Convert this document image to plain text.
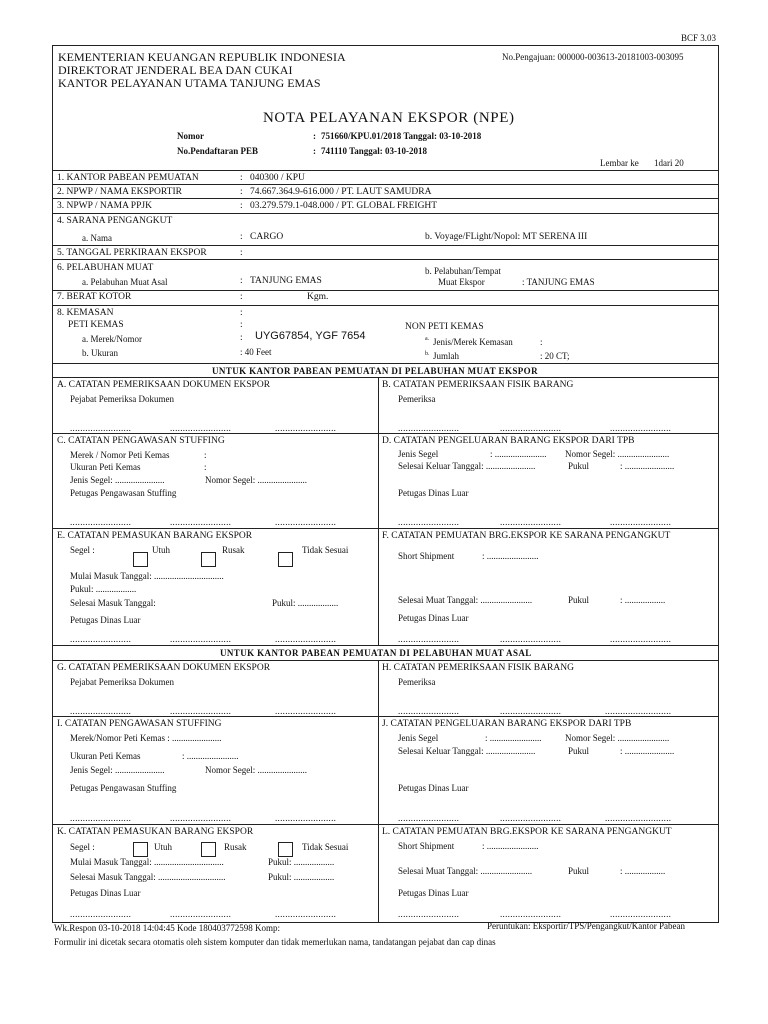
BCF 3.03
KEMENTERIAN KEUANGAN REPUBLIK INDONESIA
DIREKTORAT JENDERAL BEA DAN CUKAI
KANTOR PELAYANAN UTAMA TANJUNG EMAS
No.Pengajuan: 000000-003613-20181003-003095
NOTA PELAYANAN EKSPOR (NPE)
Nomor	: 751660/KPU.01/2018 Tanggal: 03-10-2018
No.Pendaftaran PEB	: 741110 Tanggal: 03-10-2018
Lembar ke 1dari 20
1. KANTOR PABEAN PEMUATAN	: 040300 / KPU
2. NPWP / NAMA EKSPORTIR	: 74.667.364.9-616.000 / PT. LAUT SAMUDRA
3. NPWP / NAMA PPJK	: 03.279.579.1-048.000 / PT. GLOBAL FREIGHT
4. SARANA PENGANGKUT
a. Nama	: CARGO	b. Voyage/FLight/Nopol: MT SERENA III
5. TANGGAL PERKIRAAN EKSPOR	:
6. PELABUHAN MUAT	b. Pelabuhan/Tempat
a. Pelabuhan Muat Asal	: TANJUNG EMAS	Muat Ekspor	: TANJUNG EMAS
7. BERAT KOTOR	:	Kgm.
8. KEMASAN	:
PETI KEMAS	:	NON PETI KEMAS
a. Merek/Nomor	: UYG67854, YGF 7654	a. Jenis/Merek Kemasan	:
b. Ukuran	: 40 Feet	b. Jumlah	: 20 CT;
UNTUK KANTOR PABEAN PEMUATAN DI PELABUHAN MUAT EKSPOR
A. CATATAN PEMERIKSAAN DOKUMEN EKSPOR
Pejabat Pemeriksa Dokumen
........................	........................	........................
B. CATATAN PEMERIKSAAN FISIK BARANG
Pemeriksa
........................	........................	........................
C. CATATAN PENGAWASAN STUFFING
Merek / Nomor Peti Kemas	:
Ukuran Peti Kemas	:
Jenis Segel: ......................	Nomor Segel: ......................
Petugas Pengawasan Stuffing
........................	........................	........................
D. CATATAN PENGELUARAN BARANG EKSPOR DARI TPB
Jenis Segel	: ....................... Nomor Segel: .......................
Selesai Keluar Tanggal: ......................	Pukul	: ......................
Petugas Dinas Luar
........................	........................	........................
E. CATATAN PEMASUKAN BARANG EKSPOR
Segel :	Utuh	Rusak	Tidak Sesuai
Mulai Masuk Tanggal: ...............................
Pukul: ..................
Selesai Masuk Tanggal:	Pukul: ..................
Petugas Dinas Luar
........................	........................	........................
F. CATATAN PEMUATAN BRG.EKSPOR KE SARANA PENGANGKUT
Short Shipment	: .......................
Selesai Muat Tanggal: .......................	Pukul	: ..................
Petugas Dinas Luar
........................	........................	........................
UNTUK KANTOR PABEAN PEMUATAN DI PELABUHAN MUAT ASAL
G. CATATAN PEMERIKSAAN DOKUMEN EKSPOR
Pejabat Pemeriksa Dokumen
........................	........................	........................
H. CATATAN PEMERIKSAAN FISIK BARANG
Pemeriksa
........................	........................	..........................
I. CATATAN PENGAWASAN STUFFING
Merek/Nomor Peti Kemas : ......................
Ukuran Peti Kemas	: .......................
Jenis Segel: ......................	Nomor Segel: ......................
Petugas Pengawasan Stuffing
........................	........................	........................
J. CATATAN PENGELUARAN BARANG EKSPOR DARI TPB
Jenis Segel	: .......................	Nomor Segel: .......................
Selesai Keluar Tanggal: ......................	Pukul	: ......................
Petugas Dinas Luar
........................	........................	..........................
K. CATATAN PEMASUKAN BARANG EKSPOR
Segel :	Utuh	Rusak	Tidak Sesuai
Mulai Masuk Tanggal: ...............................	Pukul: ..................
Selesai Masuk Tanggal: ..............................	Pukul: ..................
Petugas Dinas Luar
........................	........................	........................
L. CATATAN PEMUATAN BRG.EKSPOR KE SARANA PENGANGKUT
Short Shipment	: .......................
Selesai Muat Tanggal: .......................	Pukul	: ..................
Petugas Dinas Luar
........................	........................	........................
Wk.Respon 03-10-2018 14:04:45 Kode 180403772598 Komp:	Peruntukan: Eksportir/TPS/Pengangkut/Kantor Pabean
Formulir ini dicetak secara otomatis oleh sistem komputer dan tidak memerlukan nama, tandatangan pejabat dan cap dinas
